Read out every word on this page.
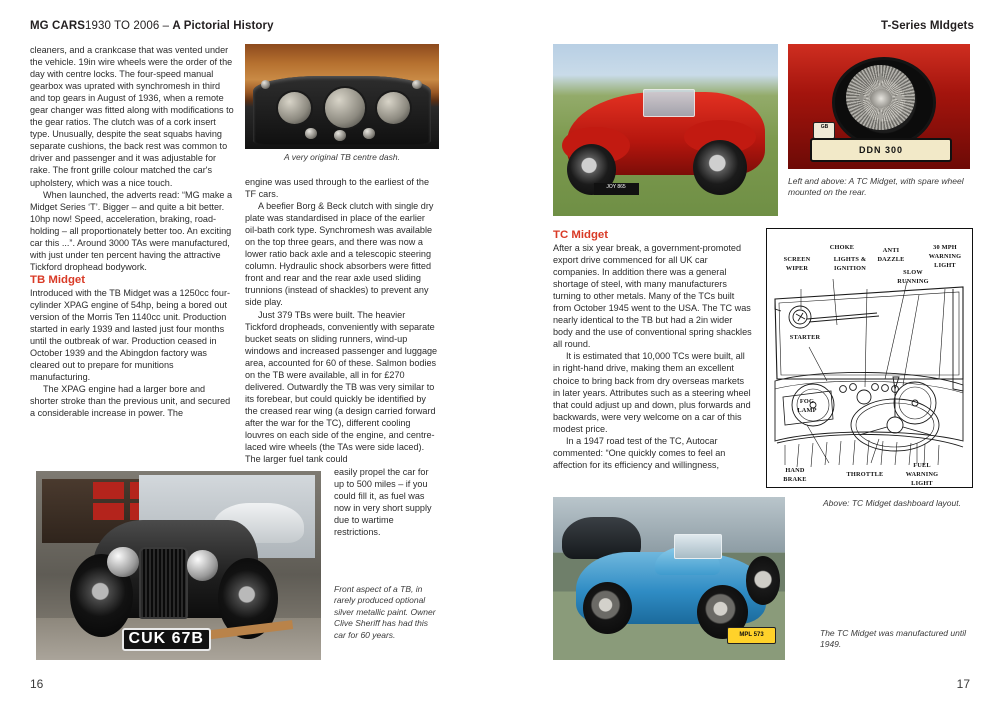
MG CARS1930 TO 2006 – A Pictorial History

cleaners, and a crankcase that was vented under the vehicle. 19in wire wheels were the order of the day with centre locks. The four-speed manual gearbox was uprated with synchromesh in third and top gears in August of 1936, when a remote gear changer was fitted along with modifications to the gear ratios. The clutch was of a cork insert type. Unusually, despite the seat squabs having separate cushions, the back rest was common to driver and passenger and it was adjustable for rake. The front grille colour matched the car's upholstery, which was a nice touch.

When launched, the adverts read: “MG make a Midget Series ‘T’. Bigger – and quite a bit better. 10hp now! Speed, acceleration, braking, road-holding – all proportionately better too. An exciting car this ...”. Around 3000 TAs were manufactured, with just under ten percent having the attractive Tickford drophead bodywork.

TB Midget

Introduced with the TB Midget was a 1250cc four-cylinder XPAG engine of 54hp, being a bored out version of the Morris Ten 1140cc unit. Production started in early 1939 and lasted just four months until the outbreak of war. Production ceased in October 1939 and the Abingdon factory was cleared out to prepare for munitions manufacturing.

The XPAG engine had a larger bore and shorter stroke than the previous unit, and secured a considerable increase in power. The

A very original TB centre dash.

engine was used through to the earliest of the TF cars.

A beefier Borg & Beck clutch with single dry plate was standardised in place of the earlier oil-bath cork type. Synchromesh was available on the top three gears, and there was now a lower ratio back axle and a telescopic steering column. Hydraulic shock absorbers were fitted front and rear and the rear axle used sliding trunnions (instead of shackles) to prevent any side play.

Just 379 TBs were built. The heavier Tickford dropheads, conveniently with separate bucket seats on sliding runners, wind-up windows and increased passenger and luggage area, accounted for 60 of these. Salmon bodies on the TB were available, all in for £270 delivered. Outwardly the TB was very similar to its forebear, but could quickly be identified by the creased rear wing (a design carried forward after the war for the TC), different cooling louvres on each side of the engine, and centre-laced wire wheels (the TAs were side laced). The larger fuel tank could

easily propel the car for up to 500 miles – if you could fill it, as fuel was now in very short supply due to wartime restrictions.

CUK 67B
Front aspect of a TB, in rarely produced optional silver metallic paint. Owner Clive Sheriff has had this car for 60 years.
16
T-Series MIdgets
JOY 865
GB
DDN 300
Left and above: A TC Midget, with spare wheel mounted on the rear.

TC Midget

After a six year break, a government-promoted export drive commenced for all UK car companies. In addition there was a general shortage of steel, with many manufacturers turning to other metals. Many of the TCs built from October 1945 went to the USA. The TC was nearly identical to the TB but had a 2in wider body and the use of conventional spring shackles all round.

It is estimated that 10,000 TCs were built, all in right-hand drive, making them an excellent choice to bring back from dry overseas markets in later years. Attributes such as a steering wheel that could adjust up and down, plus forwards and backwards, were very welcome on a car of this modest price.

In a 1947 road test of the TC, Autocar commented: “One quickly comes to feel an affection for its efficiency and willingness,

SCREEN
WIPER
CHOKE
LIGHTS &
IGNITION
ANTI
DAZZLE
SLOW
RUNNING
30 MPH
WARNING
LIGHT
STARTER
FOG
LAMP
HAND
BRAKE
THROTTLE
FUEL
WARNING
LIGHT
Above: TC Midget dashboard layout.
MPL 573	The TC Midget was manufactured until 1949.
17
